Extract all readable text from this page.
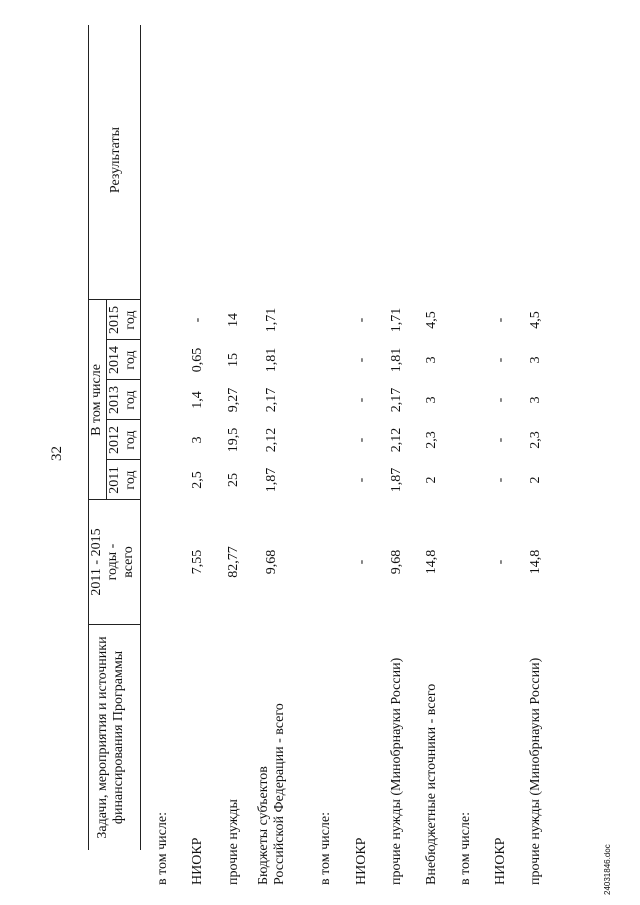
32
Задачи, мероприятия и источники финансирования Программы
2011 - 2015 годы - всего
В том числе
2011
2012
2013
2014
2015
год
год
год
год
год
Результаты
в том числе: НИОКР
7,55
2,5
3
1,4
0,65
-
прочие нужды
82,77
25
19,5
9,27
15
14
Бюджеты субъектов Российской Федерации - всего
9,68
1,87
2,12
2,17
1,81
1,71
в том числе: НИОКР
-
-
-
-
-
-
прочие нужды (Минобрнауки России)
9,68
1,87
2,12
2,17
1,81
1,71
Внебюджетные источники - всего
14,8
2
2,3
3
3
4,5
в том числе: НИОКР
-
-
-
-
-
-
прочие нужды (Минобрнауки России)
14,8
2
2,3
3
3
4,5
24031846.doc
